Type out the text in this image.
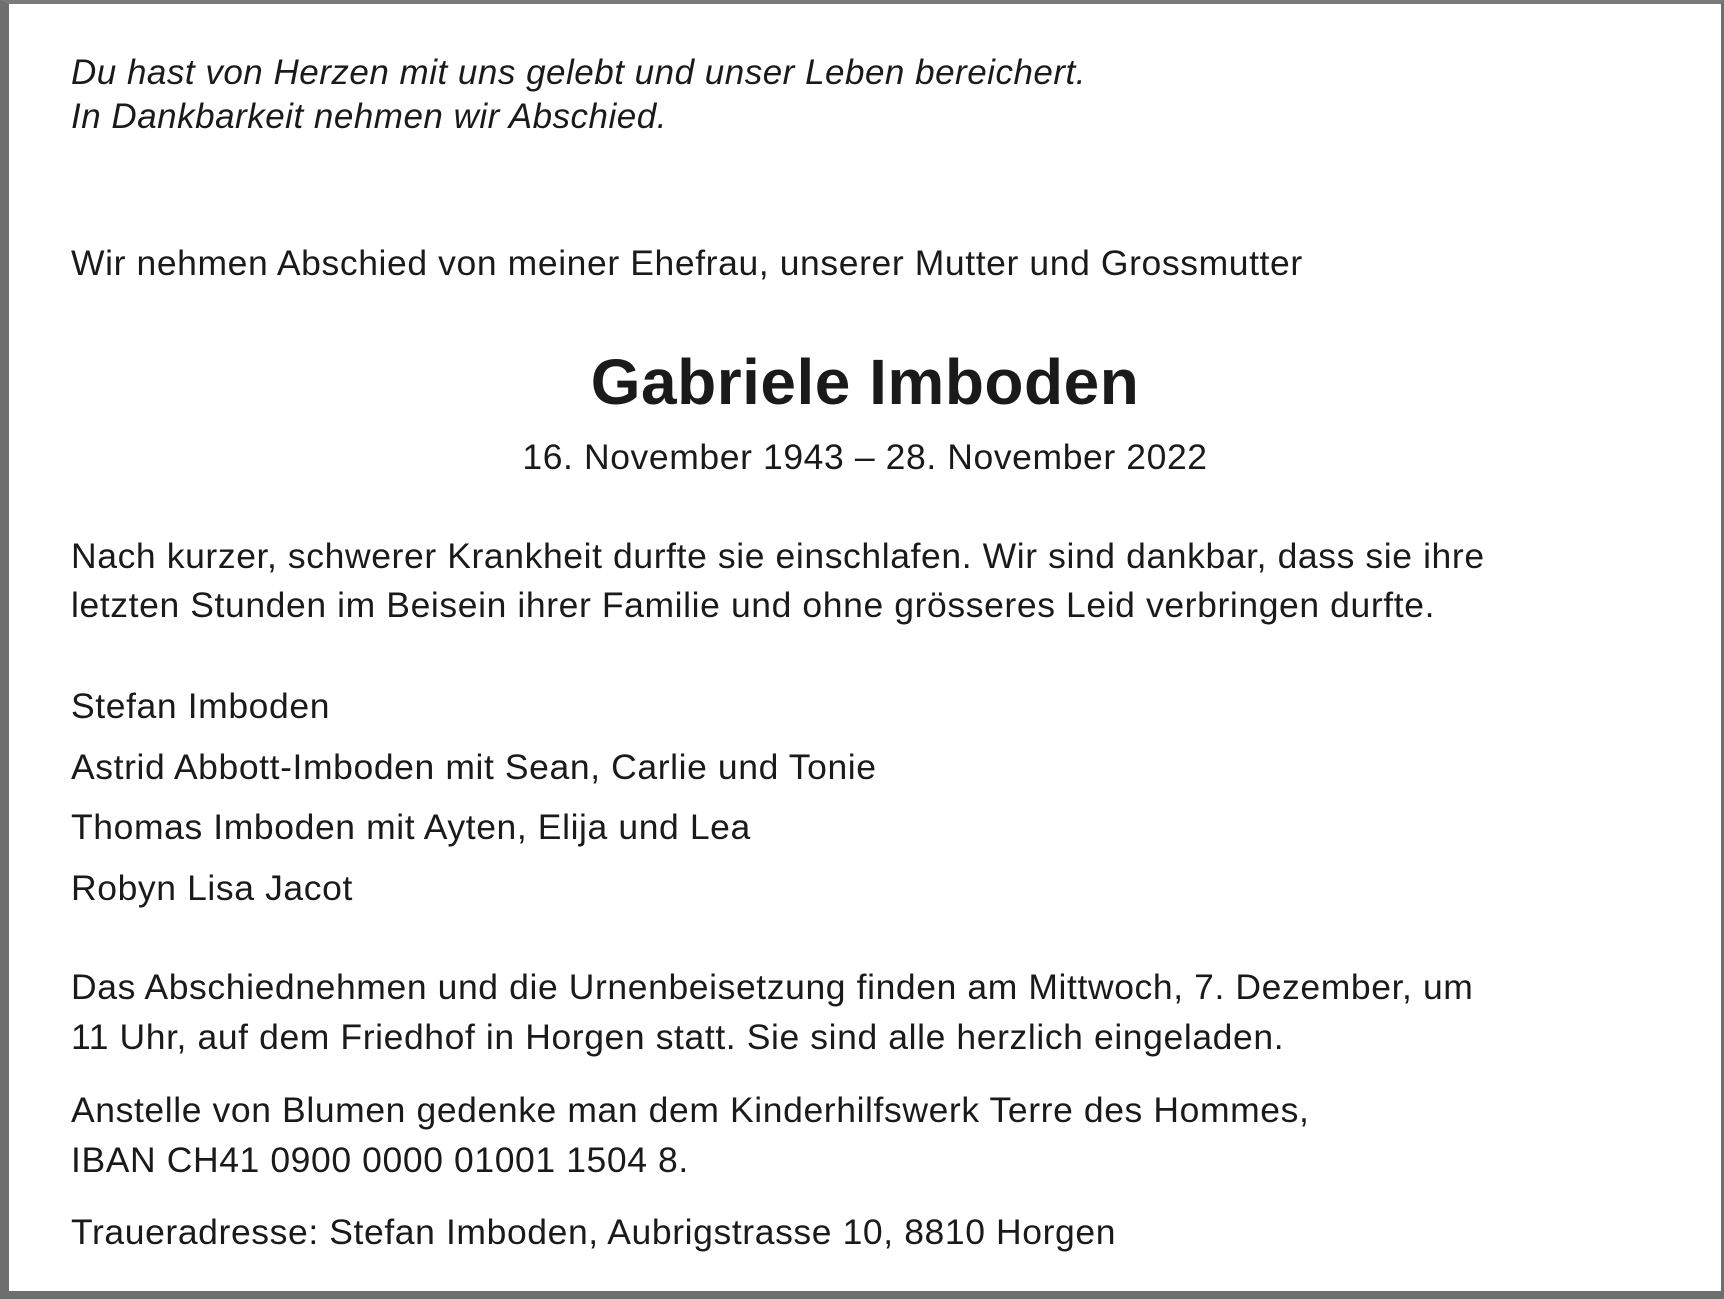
Du hast von Herzen mit uns gelebt und unser Leben bereichert.
In Dankbarkeit nehmen wir Abschied.
Wir nehmen Abschied von meiner Ehefrau, unserer Mutter und Grossmutter
Gabriele Imboden
16. November 1943 – 28. November 2022
Nach kurzer, schwerer Krankheit durfte sie einschlafen. Wir sind dankbar, dass sie ihre
letzten Stunden im Beisein ihrer Familie und ohne grösseres Leid verbringen durfte.
Stefan Imboden
Astrid Abbott-Imboden mit Sean, Carlie und Tonie
Thomas Imboden mit Ayten, Elija und Lea
Robyn Lisa Jacot
Das Abschiednehmen und die Urnenbeisetzung finden am Mittwoch, 7. Dezember, um
11 Uhr, auf dem Friedhof in Horgen statt. Sie sind alle herzlich eingeladen.
Anstelle von Blumen gedenke man dem Kinderhilfswerk Terre des Hommes,
IBAN CH41 0900 0000 01001 1504 8.
Traueradresse: Stefan Imboden, Aubrigstrasse 10, 8810 Horgen
